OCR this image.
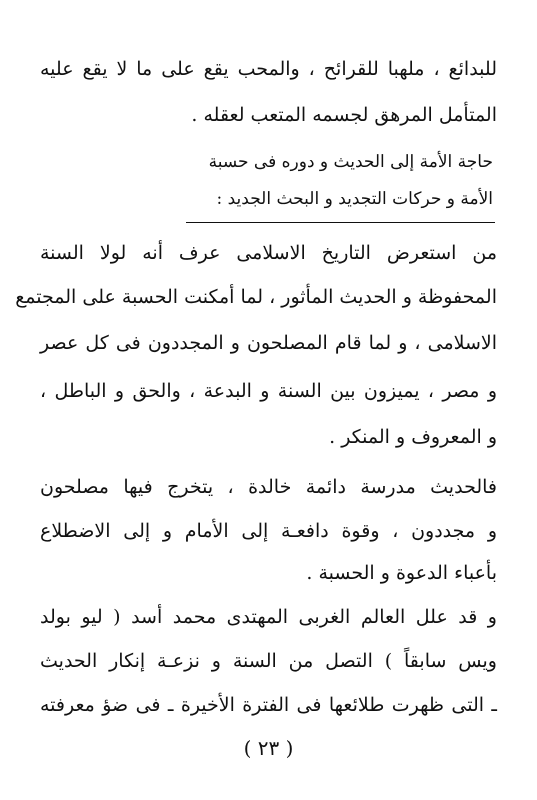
للبدائع ، ملهبا للقرائح ، والمحب يقع على ما لا يقع عليه
المتأمل المرهق لجسمه المتعب لعقله .
حاجة الأمة إلى الحديث و دوره فى حسبة
الأمة و حركات التجديد و البحث الجديد :
من استعرض التاريخ الاسلامى عرف أنه لولا السنة
المحفوظة و الحديث المأثور ، لما أمكنت الحسبة على المجتمع
الاسلامى ، و لما قام المصلحون و المجددون فى كل عصر
و مصر ، يميزون بين السنة و البدعة ، والحق و الباطل ،
و المعروف و المنكر .
فالحديث مدرسة دائمة خالدة ، يتخرج فيها مصلحون
و مجددون ، وقوة دافعـة إلى الأمام و إلى الاضطلاع
بأعباء الدعوة و الحسبة .
و قد علل العالم الغربى المهتدى محمد أسد ( ليو بولد
ويس سابقاً ) التصل من السنة و نزعـة إنكار الحديث
ـ التى ظهرت طلائعها فى الفترة الأخيرة ـ فى ضؤ معرفته
( ٢٣ )
